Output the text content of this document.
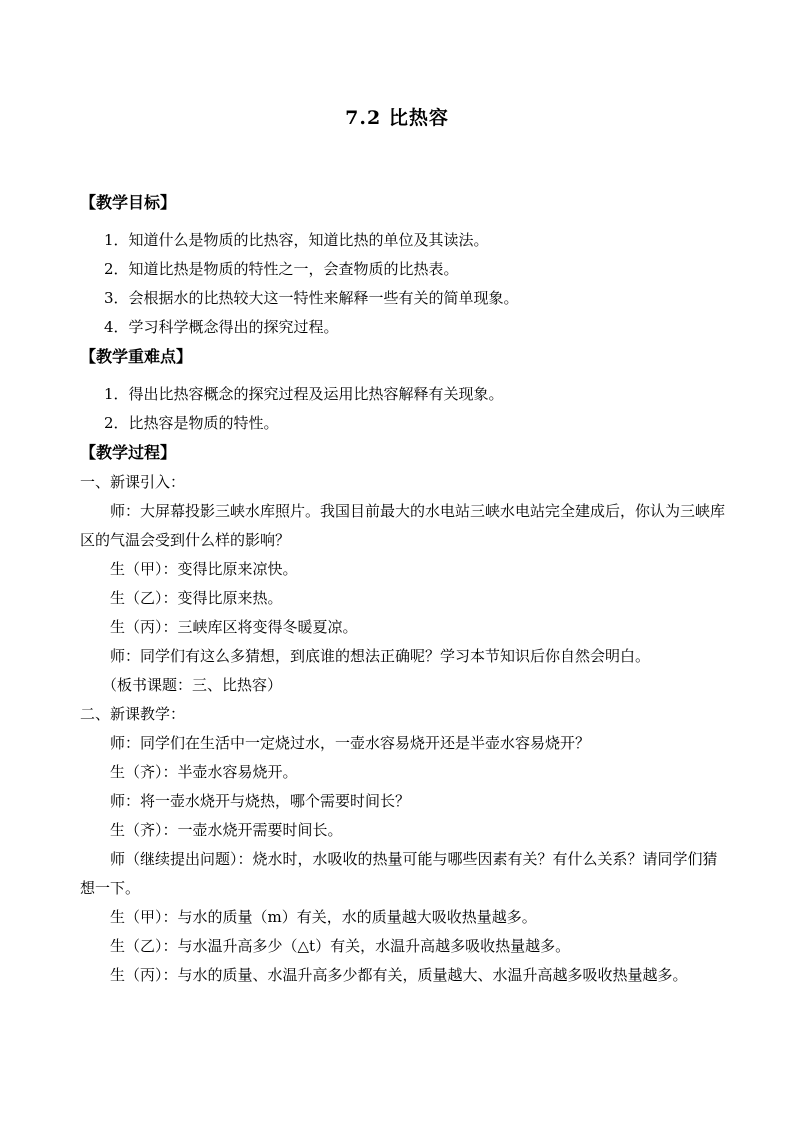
7.2 比热容

【教学目标】

1．知道什么是物质的比热容，知道比热的单位及其读法。

2．知道比热是物质的特性之一，会查物质的比热表。

3．会根据水的比热较大这一特性来解释一些有关的简单现象。

4．学习科学概念得出的探究过程。

【教学重难点】

1．得出比热容概念的探究过程及运用比热容解释有关现象。

2．比热容是物质的特性。

【教学过程】

一、新课引入：

师：大屏幕投影三峡水库照片。我国目前最大的水电站三峡水电站完全建成后，你认为三峡库区的气温会受到什么样的影响？

生（甲）：变得比原来凉快。

生（乙）：变得比原来热。

生（丙）：三峡库区将变得冬暖夏凉。

师：同学们有这么多猜想，到底谁的想法正确呢？学习本节知识后你自然会明白。

（板书课题：三、比热容）

二、新课教学：

师：同学们在生活中一定烧过水，一壶水容易烧开还是半壶水容易烧开？

生（齐）：半壶水容易烧开。

师：将一壶水烧开与烧热，哪个需要时间长？

生（齐）：一壶水烧开需要时间长。

师（继续提出问题）：烧水时，水吸收的热量可能与哪些因素有关？有什么关系？请同学们猜想一下。

生（甲）：与水的质量（m）有关，水的质量越大吸收热量越多。

生（乙）：与水温升高多少（△t）有关，水温升高越多吸收热量越多。

生（丙）：与水的质量、水温升高多少都有关，质量越大、水温升高越多吸收热量越多。
